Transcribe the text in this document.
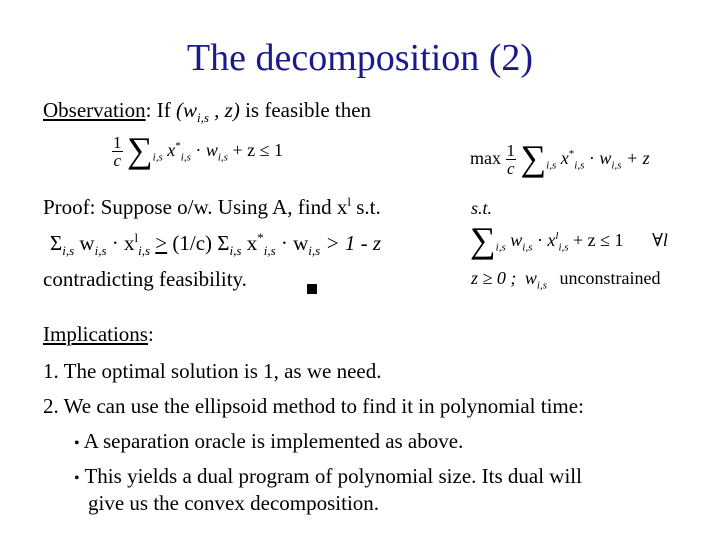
The decomposition (2)
Observation: If ($w_{i,s}$ , z) is feasible then
$\frac{1}{c} \sum_{i,s}$ $x^*_{i,s} \cdot w_{i,s} + z \le 1$
Proof: Suppose o/w. Using A, find $x^l$ s.t.
$\Sigma_{i,s}$ $w_{i,s} \cdot x^l_{i,s} > (1/c)$ $\Sigma_{i,s}$ $x^*_{i,s} \cdot w_{i,s} > 1 - z$
contradicting feasibility.
$\max \frac{1}{c} \sum_{i,s}$ $x^*_{i,s} \cdot w_{i,s} + z$
s.t.
$\sum_{i,s}$ $w_{i,s} \cdot x^l_{i,s} + z \le 1$ ∀l
z ≥ 0 ; $w_{i,s}$ unconstrained
Implications:
1. The optimal solution is 1, as we need.
2. We can use the ellipsoid method to find it in polynomial time:
• A separation oracle is implemented as above.
• This yields a dual program of polynomial size. Its dual will
give us the convex decomposition.
